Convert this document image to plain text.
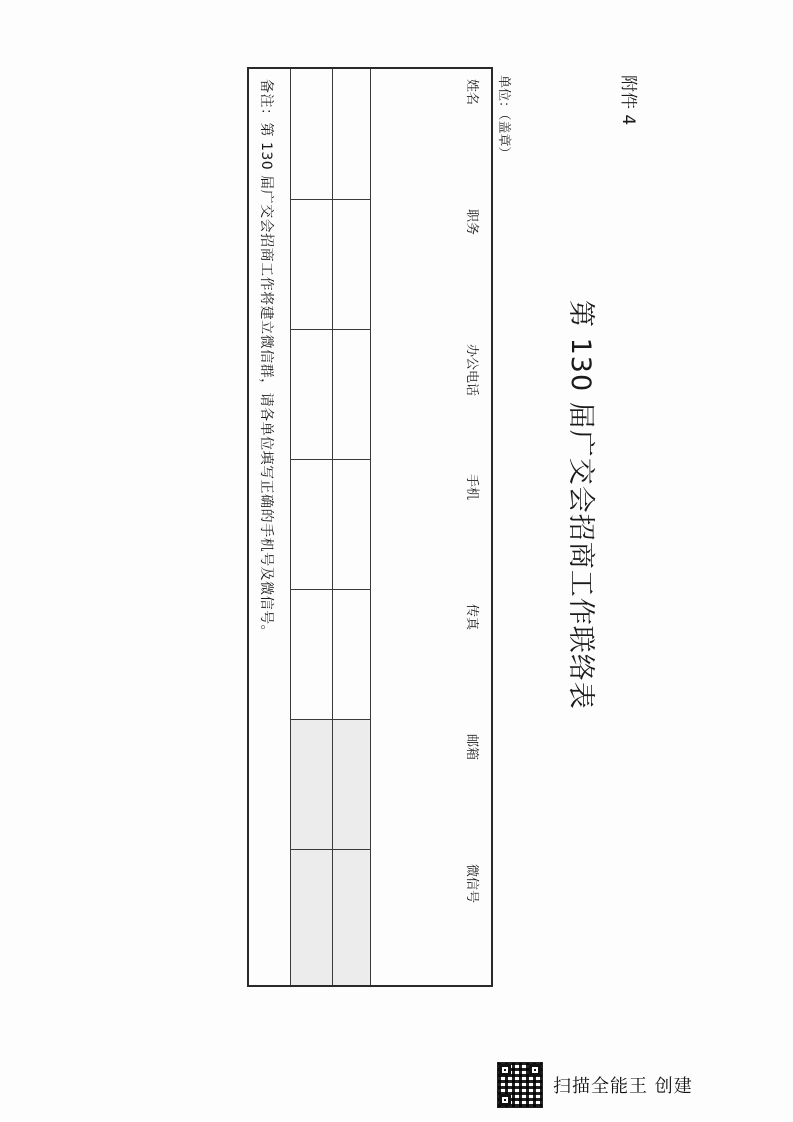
附件 4
第 130 届广交会招商工作联络表
单位：（盖章）
姓名
职务
办公电话
手机
传真
邮箱
微信号
备注：第 130 届广交会招商工作将建立微信群，请各单位填写正确的手机号及微信号。
扫描全能王 创建
